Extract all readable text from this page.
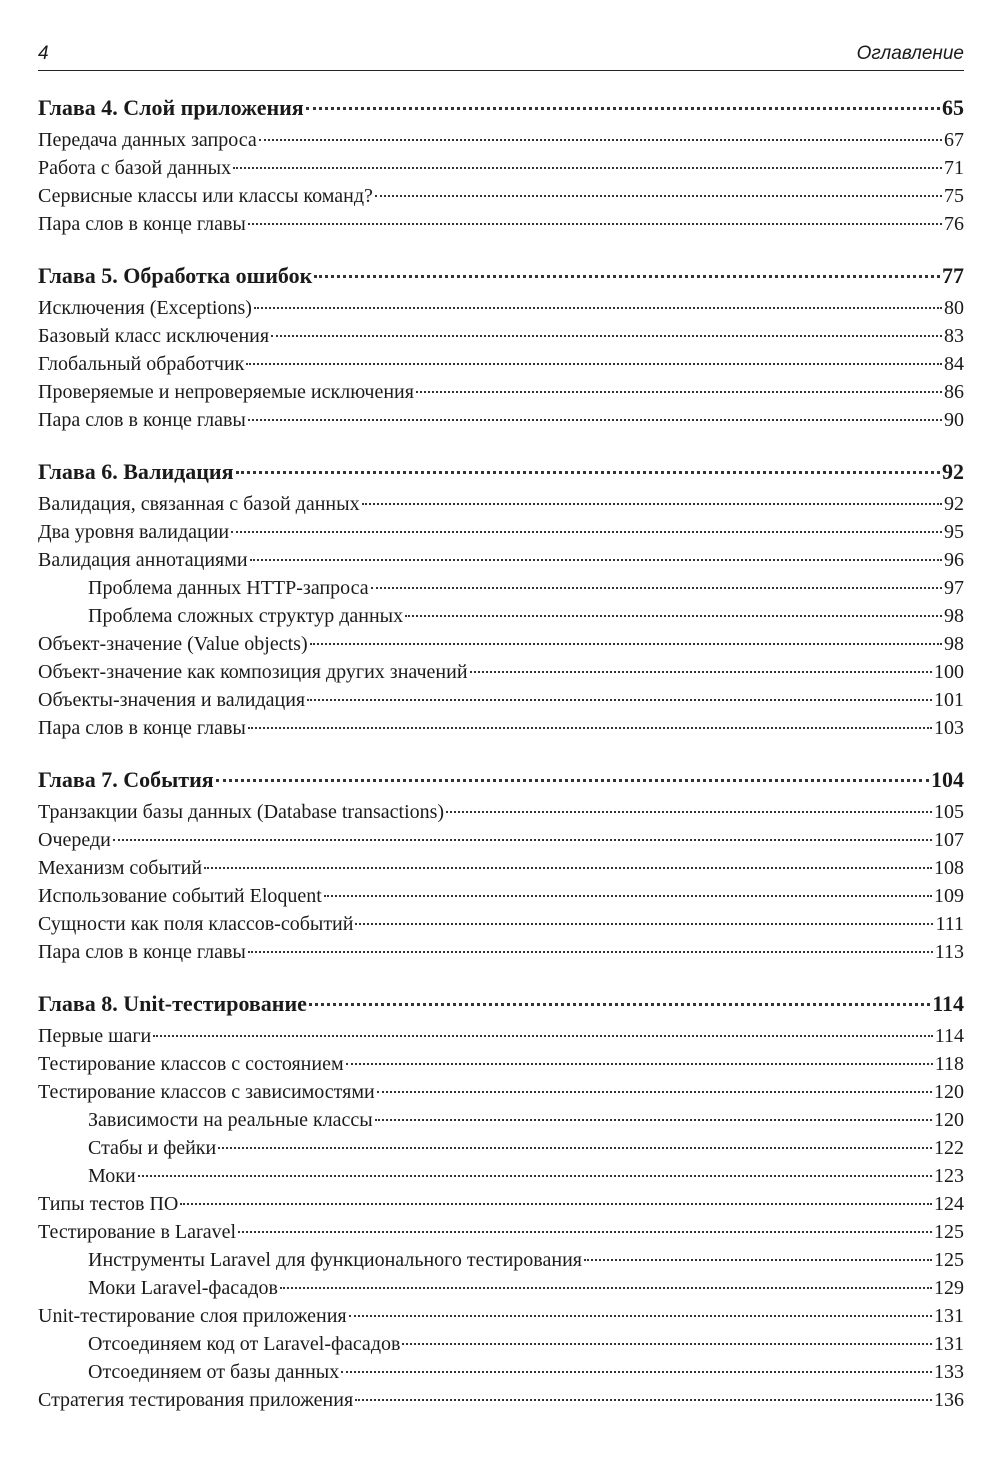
4	Оглавление
Глава 4. Слой приложения	65
Передача данных запроса	67
Работа с базой данных	71
Сервисные классы или классы команд?	75
Пара слов в конце главы	76
Глава 5. Обработка ошибок	77
Исключения (Exceptions)	80
Базовый класс исключения	83
Глобальный обработчик	84
Проверяемые и непроверяемые исключения	86
Пара слов в конце главы	90
Глава 6. Валидация	92
Валидация, связанная с базой данных	92
Два уровня валидации	95
Валидация аннотациями	96
Проблема данных HTTP-запроса	97
Проблема сложных структур данных	98
Объект-значение (Value objects)	98
Объект-значение как композиция других значений	100
Объекты-значения и валидация	101
Пара слов в конце главы	103
Глава 7. События	104
Транзакции базы данных (Database transactions)	105
Очереди	107
Механизм событий	108
Использование событий Eloquent	109
Сущности как поля классов-событий	111
Пара слов в конце главы	113
Глава 8. Unit-тестирование	114
Первые шаги	114
Тестирование классов с состоянием	118
Тестирование классов с зависимостями	120
Зависимости на реальные классы	120
Стабы и фейки	122
Моки	123
Типы тестов ПО	124
Тестирование в Laravel	125
Инструменты Laravel для функционального тестирования	125
Моки Laravel-фасадов	129
Unit-тестирование слоя приложения	131
Отсоединяем код от Laravel-фасадов	131
Отсоединяем от базы данных	133
Стратегия тестирования приложения	136
